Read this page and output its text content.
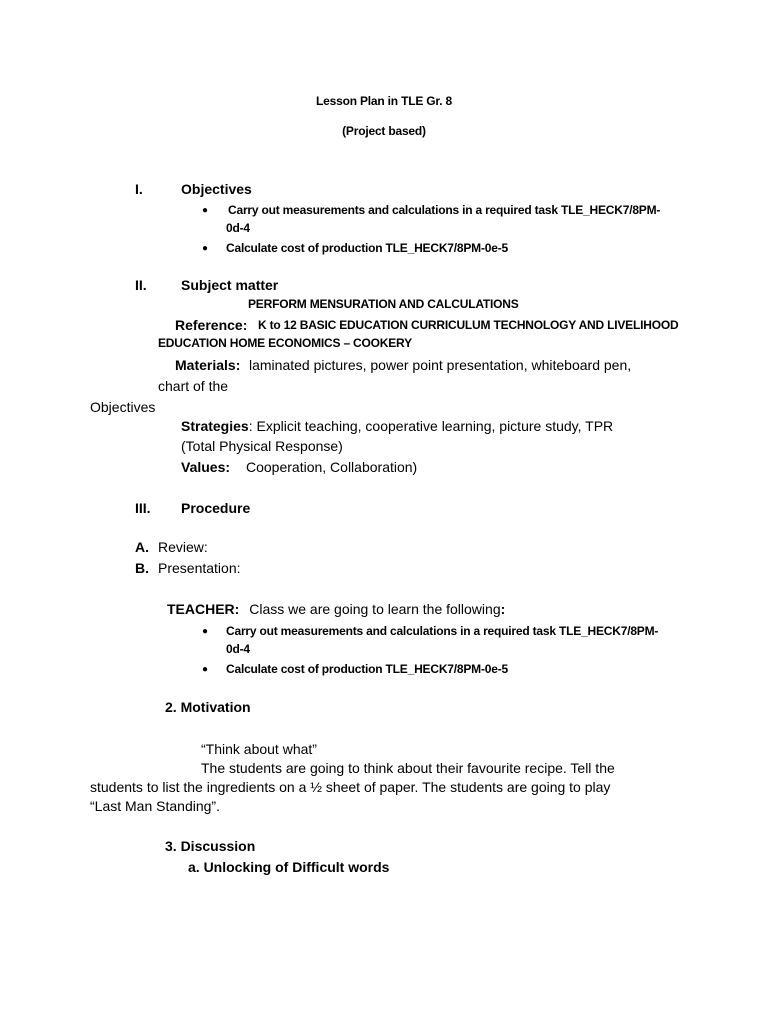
Lesson Plan in TLE Gr. 8
(Project based)
I.	Objectives
● Carry out measurements and calculations in a required task TLE_HECK7/8PM-
0d-4
● Calculate cost of production TLE_HECK7/8PM-0e-5
II. Subject matter
PERFORM MENSURATION AND CALCULATIONS
Reference: K to 12 BASIC EDUCATION CURRICULUM TECHNOLOGY AND LIVELIHOOD
EDUCATION HOME ECONOMICS – COOKERY
Materials: laminated pictures, power point presentation, whiteboard pen,
chart of the
Objectives
Strategies: Explicit teaching, cooperative learning, picture study, TPR
(Total Physical Response)
Values: Cooperation, Collaboration)
III. Procedure
A. Review:
B. Presentation:
TEACHER: Class we are going to learn the following:
● Carry out measurements and calculations in a required task TLE_HECK7/8PM-
0d-4
● Calculate cost of production TLE_HECK7/8PM-0e-5
2. Motivation
“Think about what”
The students are going to think about their favourite recipe. Tell the
students to list the ingredients on a ½ sheet of paper. The students are going to play
“Last Man Standing”.
3. Discussion
a. Unlocking of Difficult words
